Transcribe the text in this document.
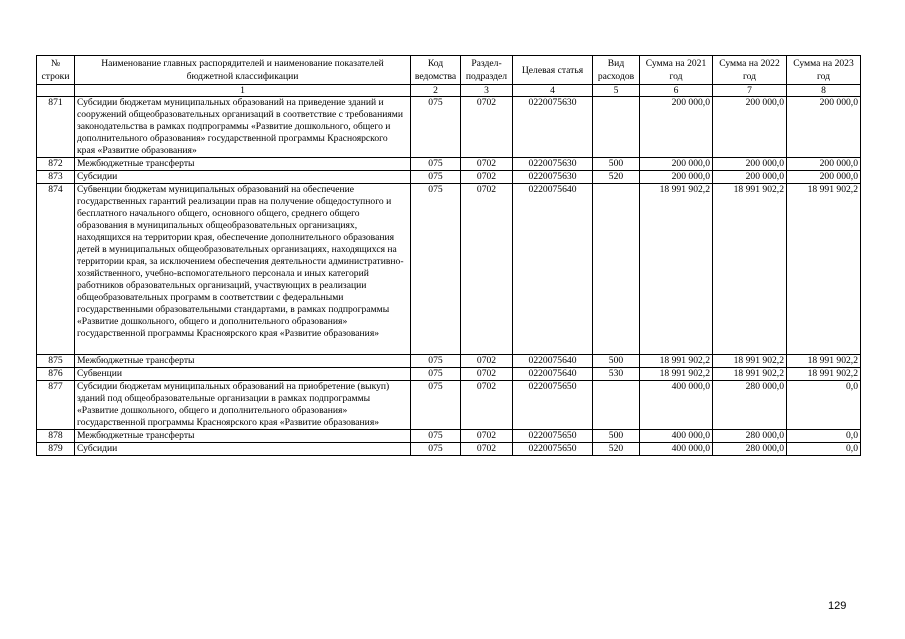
№ строки	Наименование главных распорядителей и наименование показателей бюджетной классификации	Код ведомства	Раздел-подраздел	Целевая статья	Вид расходов	Сумма на 2021 год	Сумма на 2022 год	Сумма на 2023 год
	1	2	3	4	5	6	7	8
871	Субсидии бюджетам муниципальных образований на приведение зданий и сооружений общеобразовательных организаций в соответствие с требованиями законодательства в рамках подпрограммы «Развитие дошкольного, общего и дополнительного образования» государственной программы Красноярского края «Развитие образования»	075	0702	0220075630		200 000,0	200 000,0	200 000,0
872	Межбюджетные трансферты	075	0702	0220075630	500	200 000,0	200 000,0	200 000,0
873	Субсидии	075	0702	0220075630	520	200 000,0	200 000,0	200 000,0
874	Субвенции бюджетам муниципальных образований на обеспечение государственных гарантий реализации прав на получение общедоступного и бесплатного начального общего, основного общего, среднего общего образования в муниципальных общеобразовательных организациях, находящихся на территории края, обеспечение дополнительного образования детей в муниципальных общеобразовательных организациях, находящихся на территории края, за исключением обеспечения деятельности административно-хозяйственного, учебно-вспомогательного персонала и иных категорий работников образовательных организаций, участвующих в реализации общеобразовательных программ в соответствии с федеральными государственными образовательными стандартами, в рамках подпрограммы «Развитие дошкольного, общего и дополнительного образования» государственной программы Красноярского края «Развитие образования»	075	0702	0220075640		18 991 902,2	18 991 902,2	18 991 902,2
875	Межбюджетные трансферты	075	0702	0220075640	500	18 991 902,2	18 991 902,2	18 991 902,2
876	Субвенции	075	0702	0220075640	530	18 991 902,2	18 991 902,2	18 991 902,2
877	Субсидии бюджетам муниципальных образований на приобретение (выкуп) зданий под общеобразовательные организации в рамках подпрограммы «Развитие дошкольного, общего и дополнительного образования» государственной программы Красноярского края «Развитие образования»	075	0702	0220075650		400 000,0	280 000,0	0,0
878	Межбюджетные трансферты	075	0702	0220075650	500	400 000,0	280 000,0	0,0
879	Субсидии	075	0702	0220075650	520	400 000,0	280 000,0	0,0
129
